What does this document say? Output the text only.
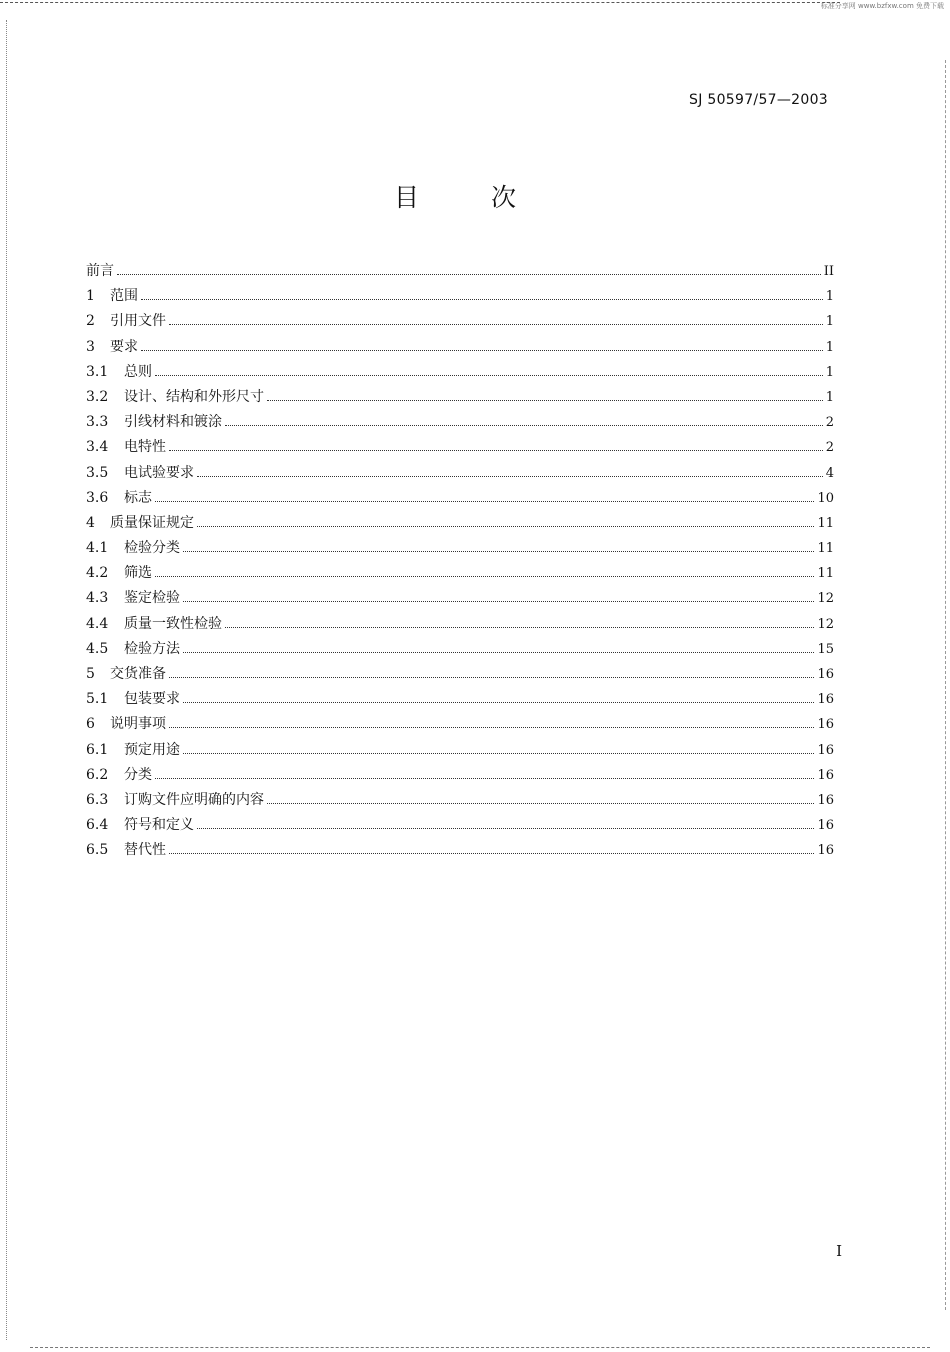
标准分享网 www.bzfxw.com 免费下载
SJ 50597/57—2003
目	次
前言	II
1	范围	1
2	引用文件	1
3	要求	1
3.1	总则	1
3.2	设计、结构和外形尺寸	1
3.3	引线材料和镀涂	2
3.4	电特性	2
3.5	电试验要求	4
3.6	标志	10
4	质量保证规定	11
4.1	检验分类	11
4.2	筛选	11
4.3	鉴定检验	12
4.4	质量一致性检验	12
4.5	检验方法	15
5	交货准备	16
5.1	包装要求	16
6	说明事项	16
6.1	预定用途	16
6.2	分类	16
6.3	订购文件应明确的内容	16
6.4	符号和定义	16
6.5	替代性	16
I
